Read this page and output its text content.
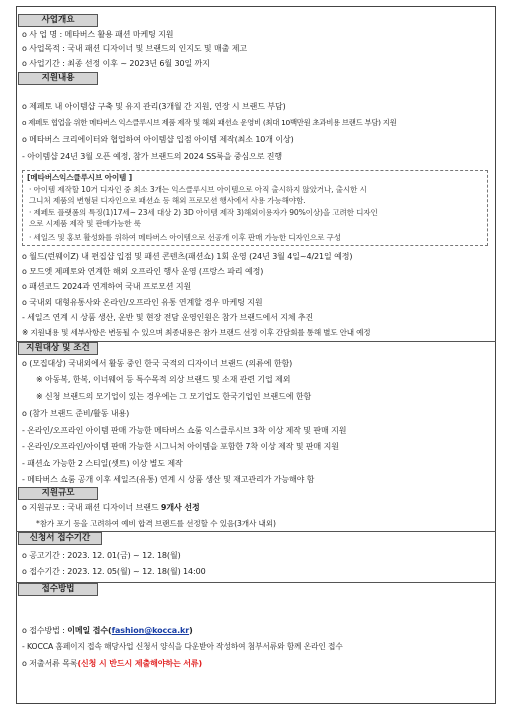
사업개요
o 사 업 명 : 메타버스 활용 패션 마케팅 지원
o 사업목적 : 국내 패션 디자이너 및 브랜드의 인지도 및 매출 제고
o 사업기간 : 최종 선정 이후 ~ 2023년 6월 30일 까지
지원내용
o 제페토 내 아이템샵 구축 및 유지 관리(3개월 간 지원, 연장 시 브랜드 부담)
o 제페토 협업을 위한 메타버스 익스클루시브 제품 제작 및 해외 패션쇼 운영비 (최대 10백만원 초과비용 브랜드 부담) 지원
o 메타버스 크리에이터와 협업하여 아이템샵 입점 아이템 제작(최소 10개 이상)
- 아이템샵 24년 3월 오픈 예정, 참가 브랜드의 2024 SS룩을 중심으로 진행
[메타버스익스클루시브 아이템 ]
· 아이템 제작할 10거 디자인 중 최소 3개는 익스클루시브 아이템으로 아직 출시하지 않았거나, 출시한 시
그니처 제품의 변형된 디자인으로 패션쇼 등 해외 프로모션 행사에서 사용 가능해야함.
· 제페토 플랫폼의 특징(1)17세~ 23세 대상 2) 3D 아이템 제작 3)해외이용자가 90%이상)을 고려한 디자인
으로 시제품 제작 및 판매가능한 룩
· 세일즈 및 홍보 활성화를 위하여 메타버스 아이템으로 선공개 이후 판매 가능한 디자인으로 구성
o 월드(런웨이Z) 내 편집샵 입점 및 패션 콘텐츠(패션쇼) 1회 운영 (24년 3월 4일~4/21일 예정)
o 모드엣 제페토와 연계한 해외 오프라인 행사 운영 (프랑스 파리 예정)
o 패션코드 2024과 연계하여 국내 프로모션 지원
o 국내외 대형유통사와 온라인/오프라인 유통 연계할 경우 마케팅 지원
- 세일즈 연계 시 상품 생산, 운반 및 현장 전담 운영인원은 참가 브랜드에서 지체 추진
※ 지원내용 및 세부사항은 변동될 수 있으며 최종내용은 참가 브랜드 선정 이후 간담회를 통해 별도 안내 예정
지원대상 및 조건
o (모집대상) 국내외에서 활동 중인 한국 국적의 디자이너 브랜드 (의류에 한함)
※ 아동복, 한복, 이너웨어 등 특수목적 의상 브랜드 및 소재 관련 기업 제외
※ 신청 브랜드의 모기업이 있는 경우에는 그 모기업도 한국기업인 브랜드에 한함
o (참가 브랜드 준비/활동 내용)
- 온라인/오프라인 아이템 판매 가능한 메타버스 쇼룸 익스클루시브 3착 이상 제작 및 판매 지원
- 온라인/오프라인/아이템 판매 가능한 시그니처 아이템을 포함한 7착 이상 제작 및 판매 지원
- 패션쇼 가능한 2 스티일(셋트) 이상 별도 제작
- 메타버스 쇼룸 공개 이후 세일즈(유통) 연계 시 상품 생산 및 재고관리가 가능해야 함
지원규모
o 지원규모 : 국내 패션 디자이너 브랜드 9개사 선정
*참가 포기 등을 고려하여 예비 합격 브랜드를 선정할 수 있음(3개사 내외)
신청서 접수기간
o 공고기간 : 2023. 12. 01(금) ~ 12. 18(월)
o 접수기간 : 2023. 12. 05(월) ~ 12. 18(월) 14:00
접수방법
o 접수방법 : 이메일 접수(fashion@kocca.kr)
- KOCCA 홈페이지 접속 해당사업 신청서 양식을 다운받아 작성하여 첨부서류와 함께 온라인 접수
o 저출서류 목록(신청 시 반드시 제출해야하는 서류)
